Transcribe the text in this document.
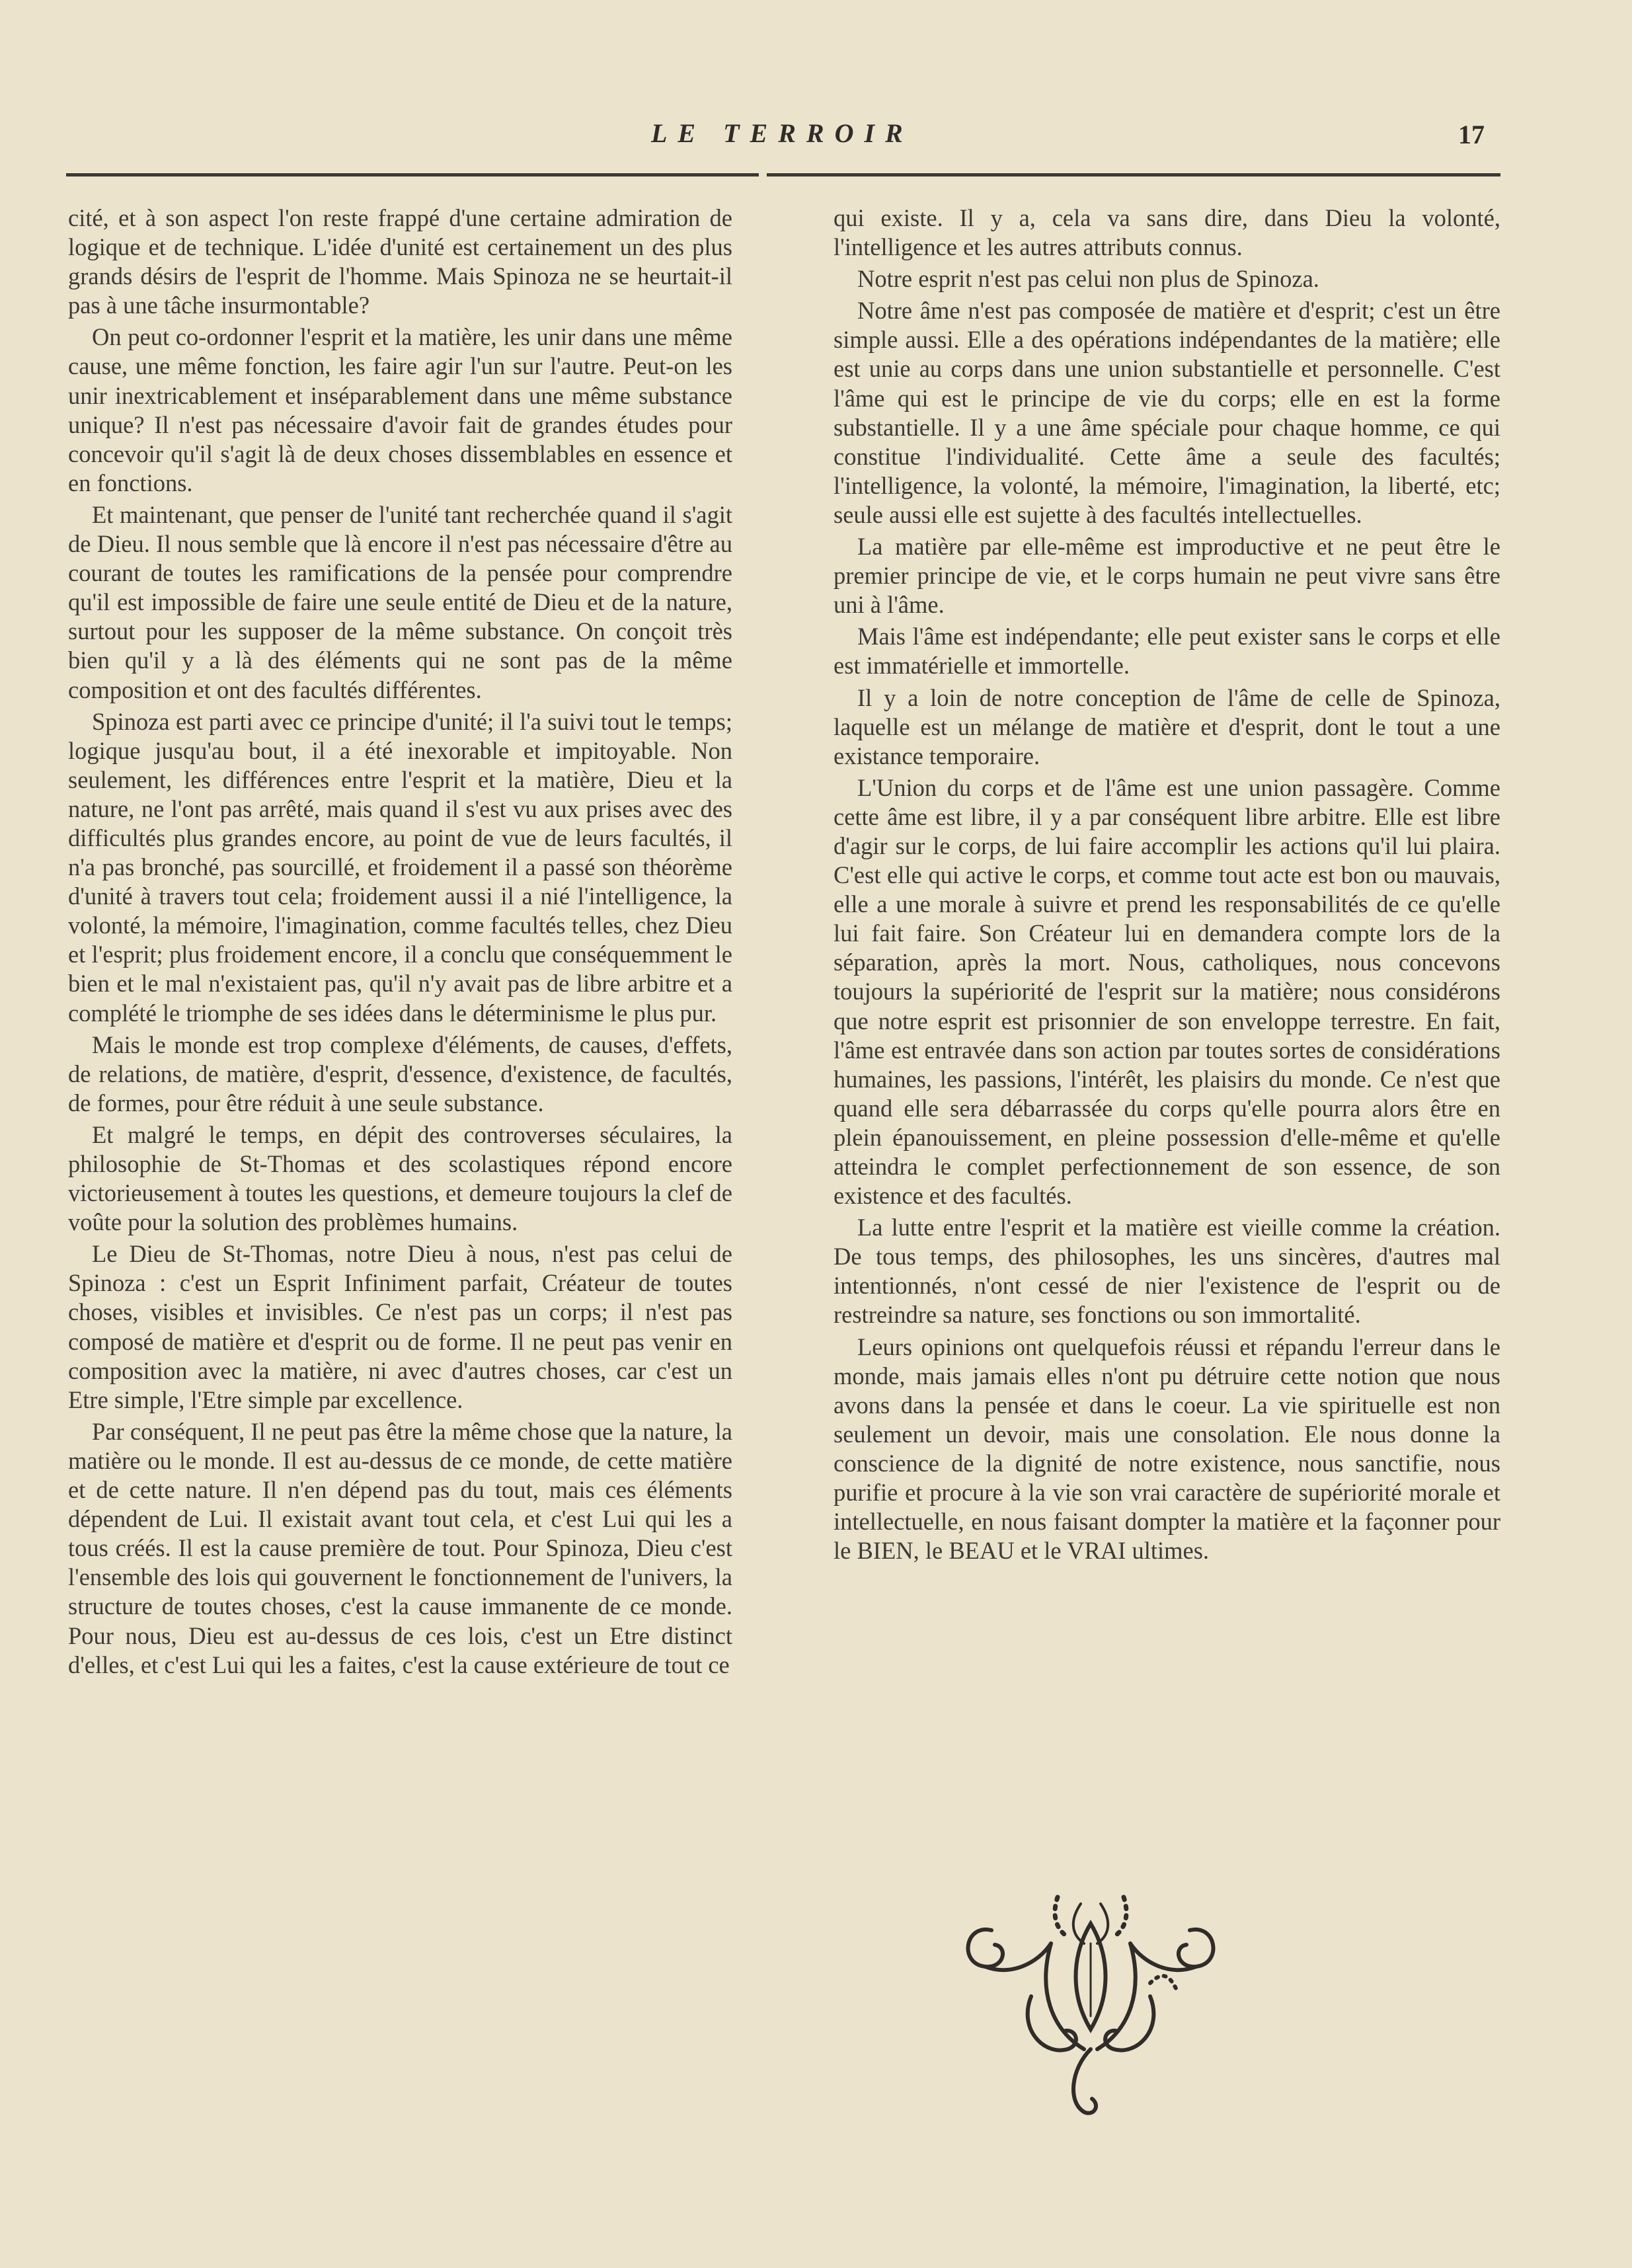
LE TERROIR	17

cité, et à son aspect l'on reste frappé d'une certaine admiration de logique et de technique. L'idée d'unité est certainement un des plus grands désirs de l'esprit de l'homme. Mais Spinoza ne se heurtait-il pas à une tâche insurmontable?

On peut co-ordonner l'esprit et la matière, les unir dans une même cause, une même fonction, les faire agir l'un sur l'autre. Peut-on les unir inextricablement et inséparablement dans une même substance unique? Il n'est pas nécessaire d'avoir fait de grandes études pour concevoir qu'il s'agit là de deux choses dissemblables en essence et en fonctions.

Et maintenant, que penser de l'unité tant recherchée quand il s'agit de Dieu. Il nous semble que là encore il n'est pas nécessaire d'être au courant de toutes les ramifications de la pensée pour comprendre qu'il est impossible de faire une seule entité de Dieu et de la nature, surtout pour les supposer de la même substance. On conçoit très bien qu'il y a là des éléments qui ne sont pas de la même composition et ont des facultés différentes.

Spinoza est parti avec ce principe d'unité; il l'a suivi tout le temps; logique jusqu'au bout, il a été inexorable et impitoyable. Non seulement, les différences entre l'esprit et la matière, Dieu et la nature, ne l'ont pas arrêté, mais quand il s'est vu aux prises avec des difficultés plus grandes encore, au point de vue de leurs facultés, il n'a pas bronché, pas sourcillé, et froidement il a passé son théorème d'unité à travers tout cela; froidement aussi il a nié l'intelligence, la volonté, la mémoire, l'imagination, comme facultés telles, chez Dieu et l'esprit; plus froidement encore, il a conclu que conséquemment le bien et le mal n'existaient pas, qu'il n'y avait pas de libre arbitre et a complété le triomphe de ses idées dans le déterminisme le plus pur.

Mais le monde est trop complexe d'éléments, de causes, d'effets, de relations, de matière, d'esprit, d'essence, d'existence, de facultés, de formes, pour être réduit à une seule substance.

Et malgré le temps, en dépit des controverses séculaires, la philosophie de St-Thomas et des scolastiques répond encore victorieusement à toutes les questions, et demeure toujours la clef de voûte pour la solution des problèmes humains.

Le Dieu de St-Thomas, notre Dieu à nous, n'est pas celui de Spinoza : c'est un Esprit Infiniment parfait, Créateur de toutes choses, visibles et invisibles. Ce n'est pas un corps; il n'est pas composé de matière et d'esprit ou de forme. Il ne peut pas venir en composition avec la matière, ni avec d'autres choses, car c'est un Etre simple, l'Etre simple par excellence.

Par conséquent, Il ne peut pas être la même chose que la nature, la matière ou le monde. Il est au-dessus de ce monde, de cette matière et de cette nature. Il n'en dépend pas du tout, mais ces éléments dépendent de Lui. Il existait avant tout cela, et c'est Lui qui les a tous créés. Il est la cause première de tout. Pour Spinoza, Dieu c'est l'ensemble des lois qui gouvernent le fonctionnement de l'univers, la structure de toutes choses, c'est la cause immanente de ce monde. Pour nous, Dieu est au-dessus de ces lois, c'est un Etre distinct d'elles, et c'est Lui qui les a faites, c'est la cause extérieure de tout ce

qui existe. Il y a, cela va sans dire, dans Dieu la volonté, l'intelligence et les autres attributs connus.

Notre esprit n'est pas celui non plus de Spinoza.

Notre âme n'est pas composée de matière et d'esprit; c'est un être simple aussi. Elle a des opérations indépendantes de la matière; elle est unie au corps dans une union substantielle et personnelle. C'est l'âme qui est le principe de vie du corps; elle en est la forme substantielle. Il y a une âme spéciale pour chaque homme, ce qui constitue l'individualité. Cette âme a seule des facultés; l'intelligence, la volonté, la mémoire, l'imagination, la liberté, etc; seule aussi elle est sujette à des facultés intellectuelles.

La matière par elle-même est improductive et ne peut être le premier principe de vie, et le corps humain ne peut vivre sans être uni à l'âme.

Mais l'âme est indépendante; elle peut exister sans le corps et elle est immatérielle et immortelle.

Il y a loin de notre conception de l'âme de celle de Spinoza, laquelle est un mélange de matière et d'esprit, dont le tout a une existance temporaire.

L'Union du corps et de l'âme est une union passagère. Comme cette âme est libre, il y a par conséquent libre arbitre. Elle est libre d'agir sur le corps, de lui faire accomplir les actions qu'il lui plaira. C'est elle qui active le corps, et comme tout acte est bon ou mauvais, elle a une morale à suivre et prend les responsabilités de ce qu'elle lui fait faire. Son Créateur lui en demandera compte lors de la séparation, après la mort. Nous, catholiques, nous concevons toujours la supériorité de l'esprit sur la matière; nous considérons que notre esprit est prisonnier de son enveloppe terrestre. En fait, l'âme est entravée dans son action par toutes sortes de considérations humaines, les passions, l'intérêt, les plaisirs du monde. Ce n'est que quand elle sera débarrassée du corps qu'elle pourra alors être en plein épanouissement, en pleine possession d'elle-même et qu'elle atteindra le complet perfectionnement de son essence, de son existence et des facultés.

La lutte entre l'esprit et la matière est vieille comme la création. De tous temps, des philosophes, les uns sincères, d'autres mal intentionnés, n'ont cessé de nier l'existence de l'esprit ou de restreindre sa nature, ses fonctions ou son immortalité.

Leurs opinions ont quelquefois réussi et répandu l'erreur dans le monde, mais jamais elles n'ont pu détruire cette notion que nous avons dans la pensée et dans le coeur. La vie spirituelle est non seulement un devoir, mais une consolation. Ele nous donne la conscience de la dignité de notre existence, nous sanctifie, nous purifie et procure à la vie son vrai caractère de supériorité morale et intellectuelle, en nous faisant dompter la matière et la façonner pour le BIEN, le BEAU et le VRAI ultimes.
